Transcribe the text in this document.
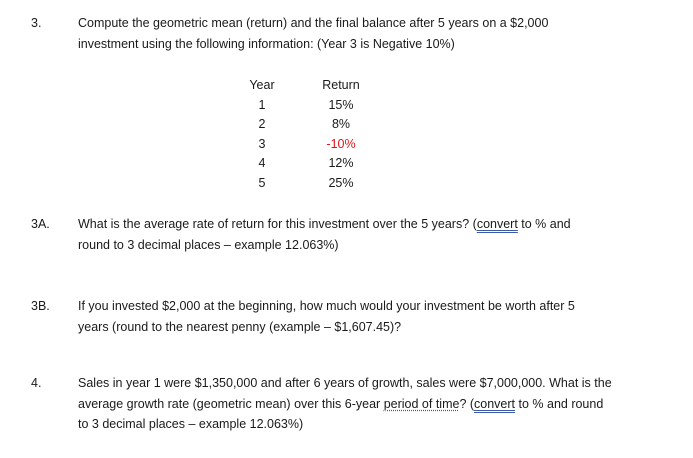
3.	Compute the geometric mean (return) and the final balance after 5 years on a $2,000
investment using the following information: (Year 3 is Negative 10%)
Year		Return
1		15%
2		8%
3		-10%
4		12%
5		25%
3A. What is the average rate of return for this investment over the 5 years? (convert to % and
round to 3 decimal places – example 12.063%)
3B. If you invested $2,000 at the beginning, how much would your investment be worth after 5
years (round to the nearest penny (example – $1,607.45)?
4.	Sales in year 1 were $1,350,000 and after 6 years of growth, sales were $7,000,000. What is the
average growth rate (geometric mean) over this 6-year period of time? (convert to % and round
to 3 decimal places – example 12.063%)
